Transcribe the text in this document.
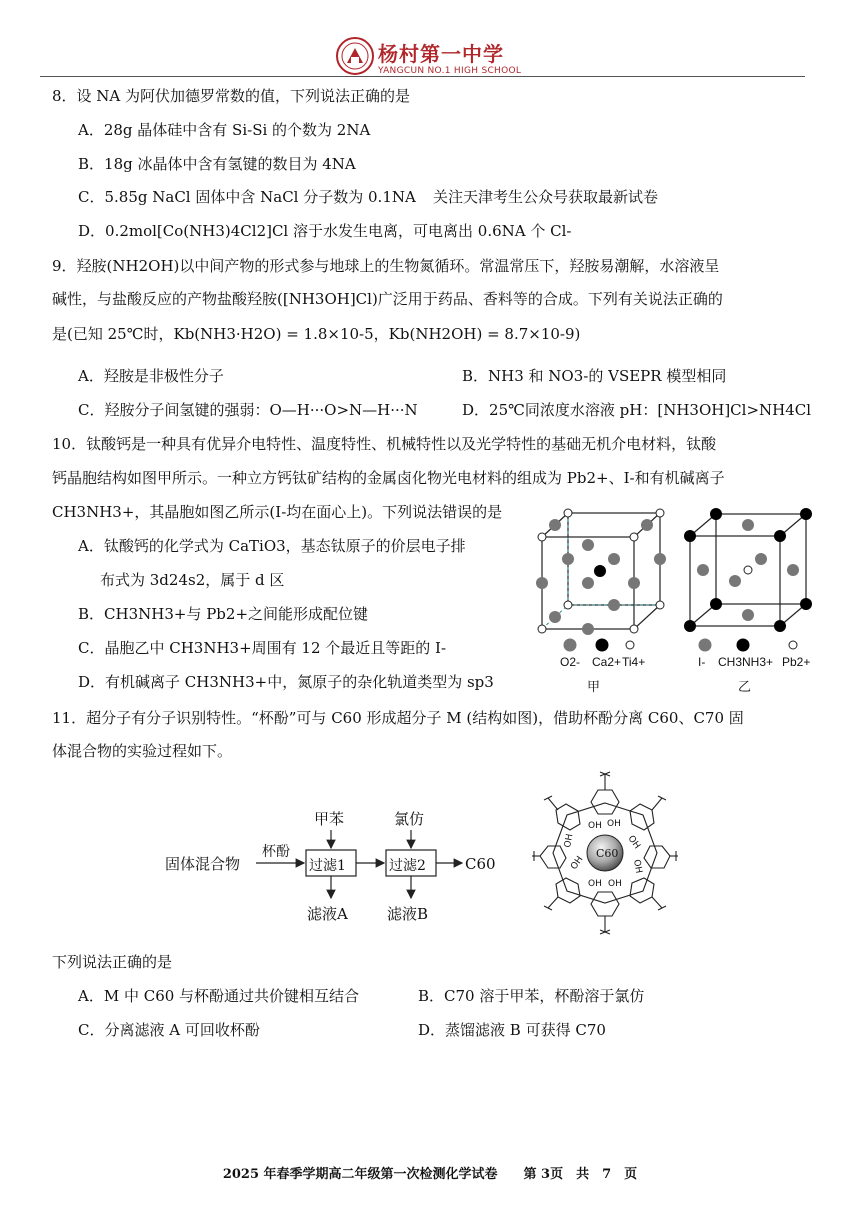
杨村第一中学
YANGCUN NO.1 HIGH SCHOOL
8．设 NA 为阿伏加德罗常数的值，下列说法正确的是
A．28g 晶体硅中含有 Si-Si 的个数为 2NA
B．18g 冰晶体中含有氢键的数目为 4NA
C．5.85g NaCl 固体中含 NaCl 分子数为 0.1NA 关注天津考生公众号获取最新试卷
D．0.2mol[Co(NH3)4Cl2]Cl 溶于水发生电离，可电离出 0.6NA 个 Cl-
9．羟胺(NH2OH)以中间产物的形式参与地球上的生物氮循环。常温常压下，羟胺易潮解，水溶液呈
碱性，与盐酸反应的产物盐酸羟胺([NH3OH]Cl)广泛用于药品、香料等的合成。下列有关说法正确的
是(已知 25℃时，Kb(NH3·H2O) = 1.8×10-5，Kb(NH2OH) = 8.7×10-9)
A．羟胺是非极性分子	B．NH3 和 NO3-的 VSEPR 模型相同
C．羟胺分子间氢键的强弱：O—H···O>N—H···N	D．25℃同浓度水溶液 pH：[NH3OH]Cl>NH4Cl
10．钛酸钙是一种具有优异介电特性、温度特性、机械特性以及光学特性的基础无机介电材料，钛酸
钙晶胞结构如图甲所示。一种立方钙钛矿结构的金属卤化物光电材料的组成为 Pb2+、I-和有机碱离子
CH3NH3+，其晶胞如图乙所示(I-均在面心上)。下列说法错误的是
A．钛酸钙的化学式为 CaTiO3，基态钛原子的价层电子排
布式为 3d24s2，属于 d 区
B．CH3NH3+与 Pb2+之间能形成配位键
C．晶胞乙中 CH3NH3+周围有 12 个最近且等距的 I-
D．有机碱离子 CH3NH3+中，氮原子的杂化轨道类型为 sp3
O2- Ca2+ Ti4+
甲
I- CH3NH3+ Pb2+
乙
11．超分子有分子识别特性。“杯酚”可与 C60 形成超分子 M (结构如图)，借助杯酚分离 C60、C70 固
体混合物的实验过程如下。
固体混合物
杯酚
过滤1	过滤2
甲苯	氯仿
滤液A	滤液B
C60
OH OH
OH
OH
OH
OH
OH OH
C60
下列说法正确的是
A．M 中 C60 与杯酚通过共价键相互结合	B．C70 溶于甲苯，杯酚溶于氯仿
C．分离滤液 A 可回收杯酚	D．蒸馏滤液 B 可获得 C70
2025 年春季学期高二年级第一次检测化学试卷　　第 3页　共　7　页
